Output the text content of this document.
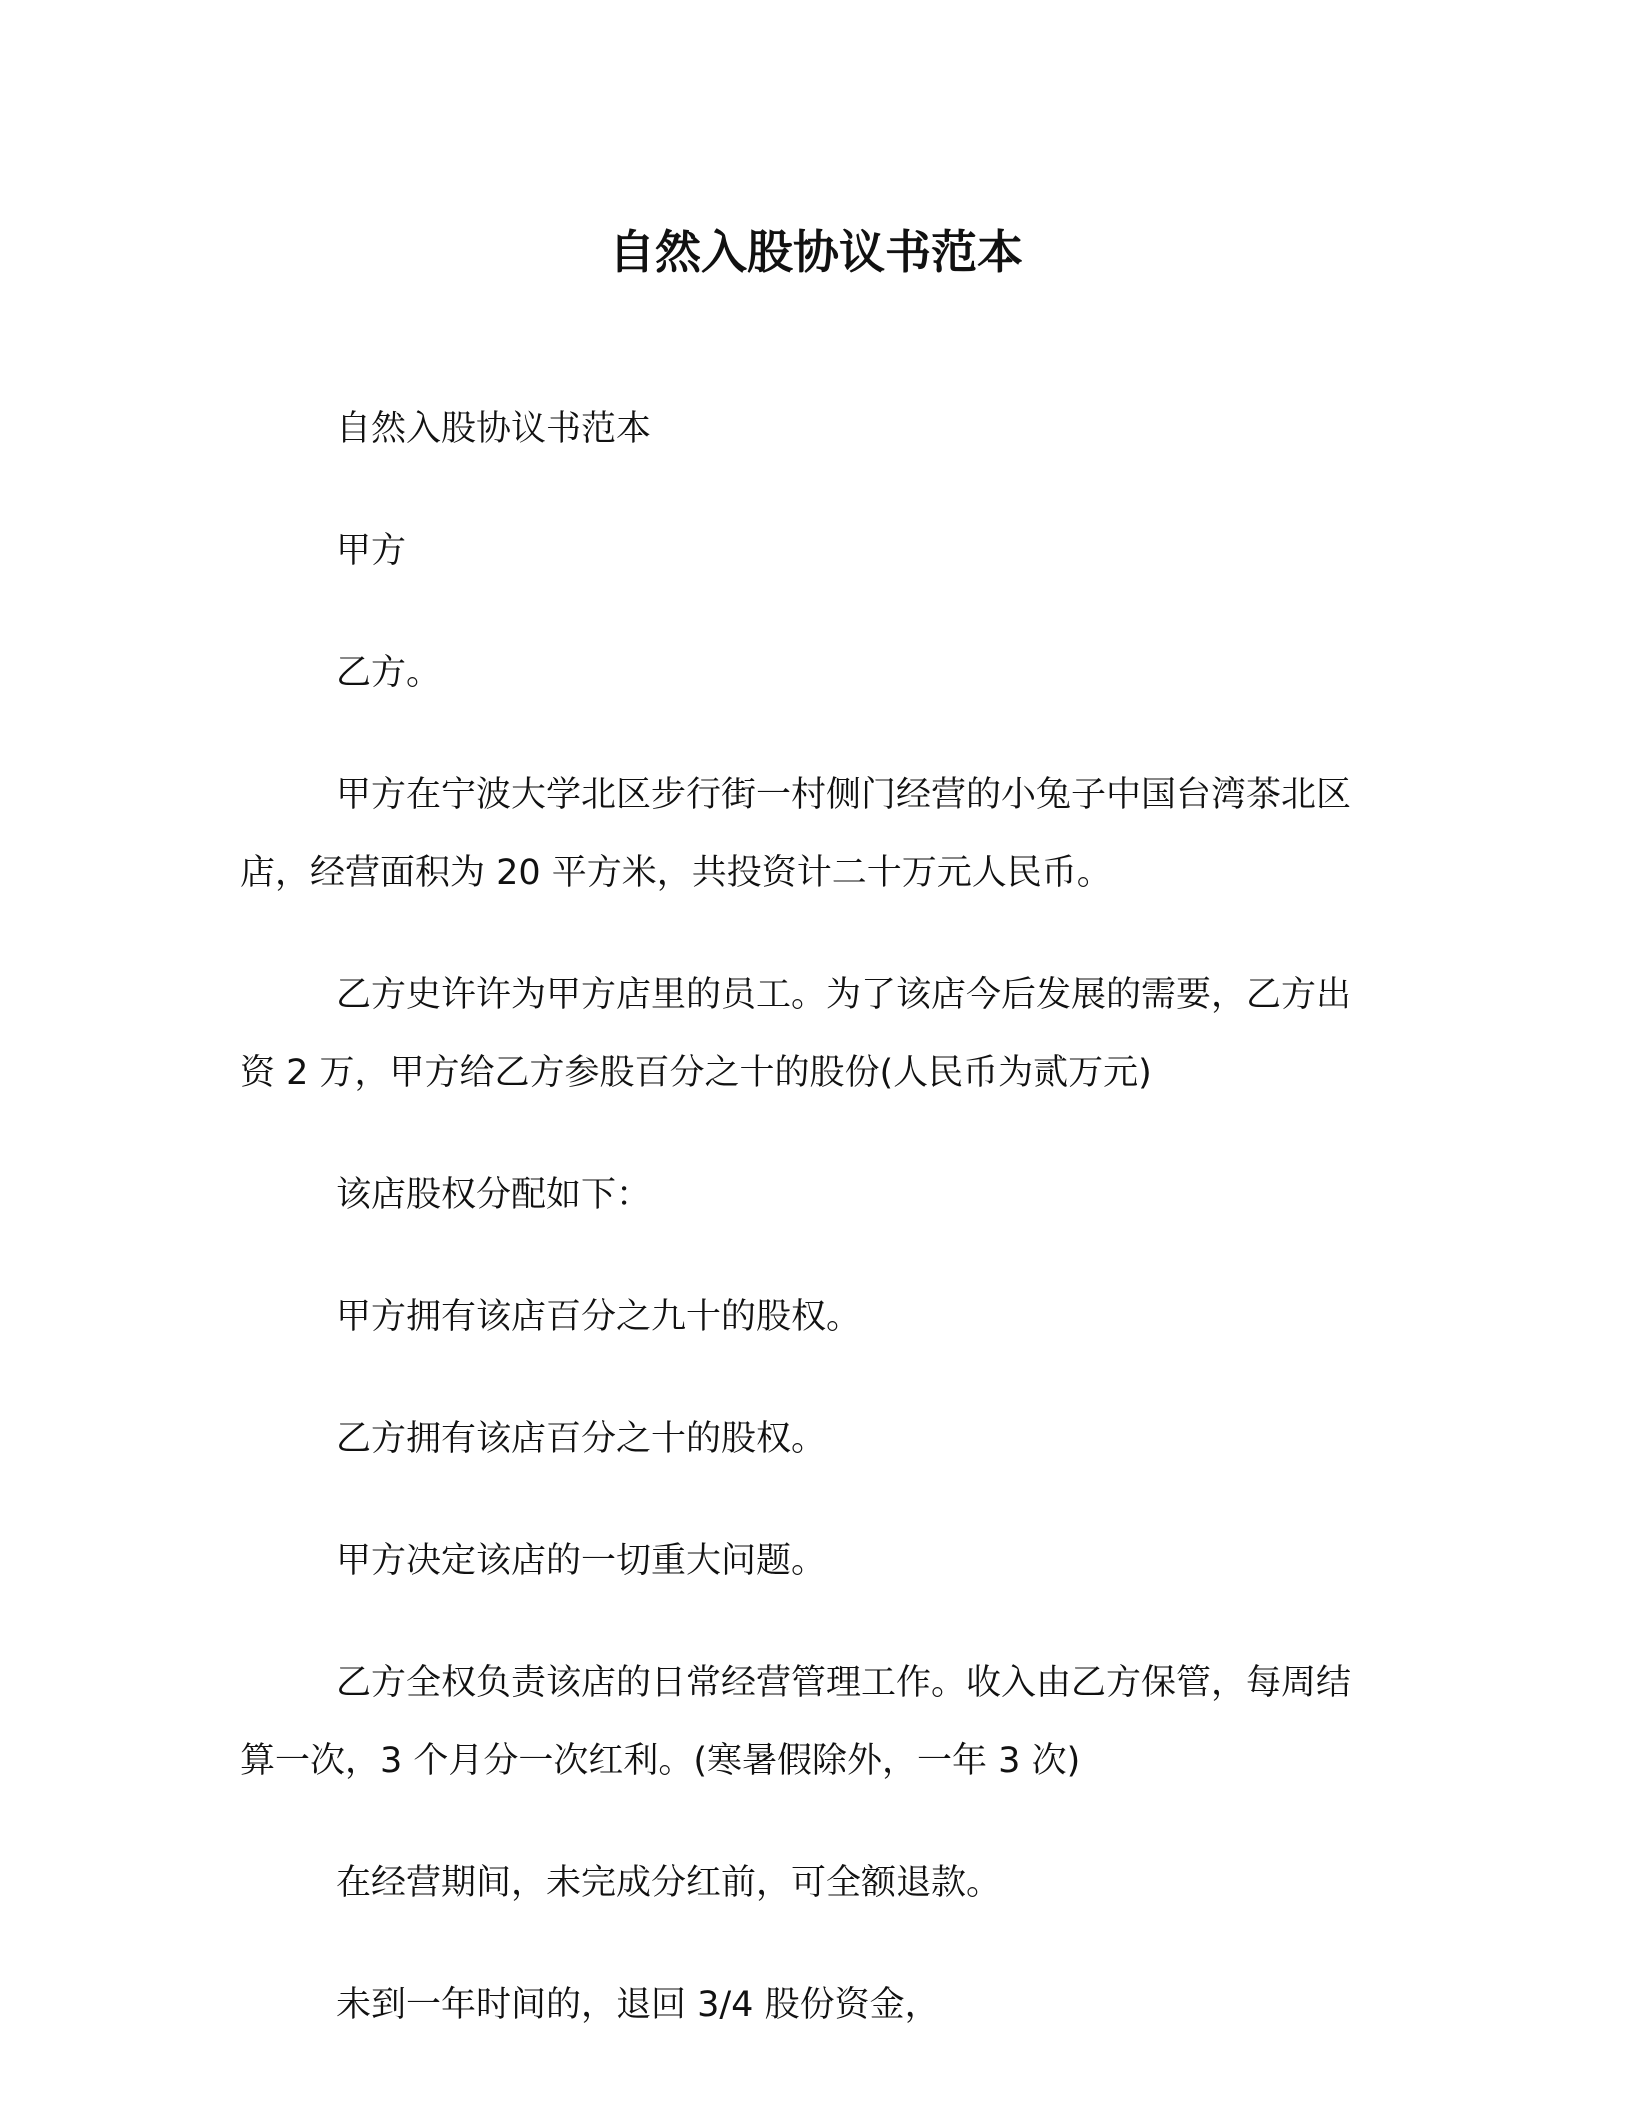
自然入股协议书范本

自然入股协议书范本

甲方

乙方。

甲方在宁波大学北区步行街一村侧门经营的小兔子中国台湾茶北区店，经营面积为 20 平方米，共投资计二十万元人民币。

乙方史许许为甲方店里的员工。为了该店今后发展的需要，乙方出资 2 万，甲方给乙方参股百分之十的股份(人民币为贰万元)

该店股权分配如下：

甲方拥有该店百分之九十的股权。

乙方拥有该店百分之十的股权。

甲方决定该店的一切重大问题。

乙方全权负责该店的日常经营管理工作。收入由乙方保管，每周结算一次，3 个月分一次红利。(寒暑假除外，一年 3 次)

在经营期间，未完成分红前，可全额退款。

未到一年时间的，退回 3/4 股份资金，
